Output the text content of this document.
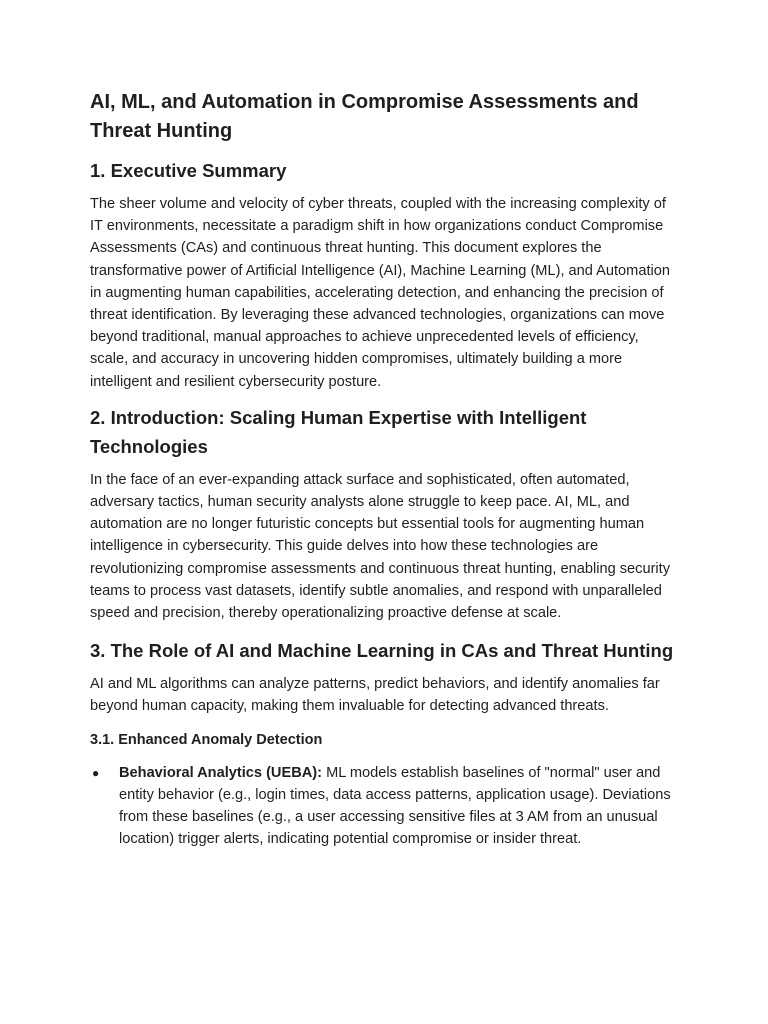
AI, ML, and Automation in Compromise Assessments and Threat Hunting
1. Executive Summary

The sheer volume and velocity of cyber threats, coupled with the increasing complexity of IT environments, necessitate a paradigm shift in how organizations conduct Compromise Assessments (CAs) and continuous threat hunting. This document explores the transformative power of Artificial Intelligence (AI), Machine Learning (ML), and Automation in augmenting human capabilities, accelerating detection, and enhancing the precision of threat identification. By leveraging these advanced technologies, organizations can move beyond traditional, manual approaches to achieve unprecedented levels of efficiency, scale, and accuracy in uncovering hidden compromises, ultimately building a more intelligent and resilient cybersecurity posture.

2. Introduction: Scaling Human Expertise with Intelligent Technologies

In the face of an ever-expanding attack surface and sophisticated, often automated, adversary tactics, human security analysts alone struggle to keep pace. AI, ML, and automation are no longer futuristic concepts but essential tools for augmenting human intelligence in cybersecurity. This guide delves into how these technologies are revolutionizing compromise assessments and continuous threat hunting, enabling security teams to process vast datasets, identify subtle anomalies, and respond with unparalleled speed and precision, thereby operationalizing proactive defense at scale.

3. The Role of AI and Machine Learning in CAs and Threat Hunting

AI and ML algorithms can analyze patterns, predict behaviors, and identify anomalies far beyond human capacity, making them invaluable for detecting advanced threats.

3.1. Enhanced Anomaly Detection
● Behavioral Analytics (UEBA): ML models establish baselines of "normal" user and entity behavior (e.g., login times, data access patterns, application usage). Deviations from these baselines (e.g., a user accessing sensitive files at 3 AM from an unusual location) trigger alerts, indicating potential compromise or insider threat.
